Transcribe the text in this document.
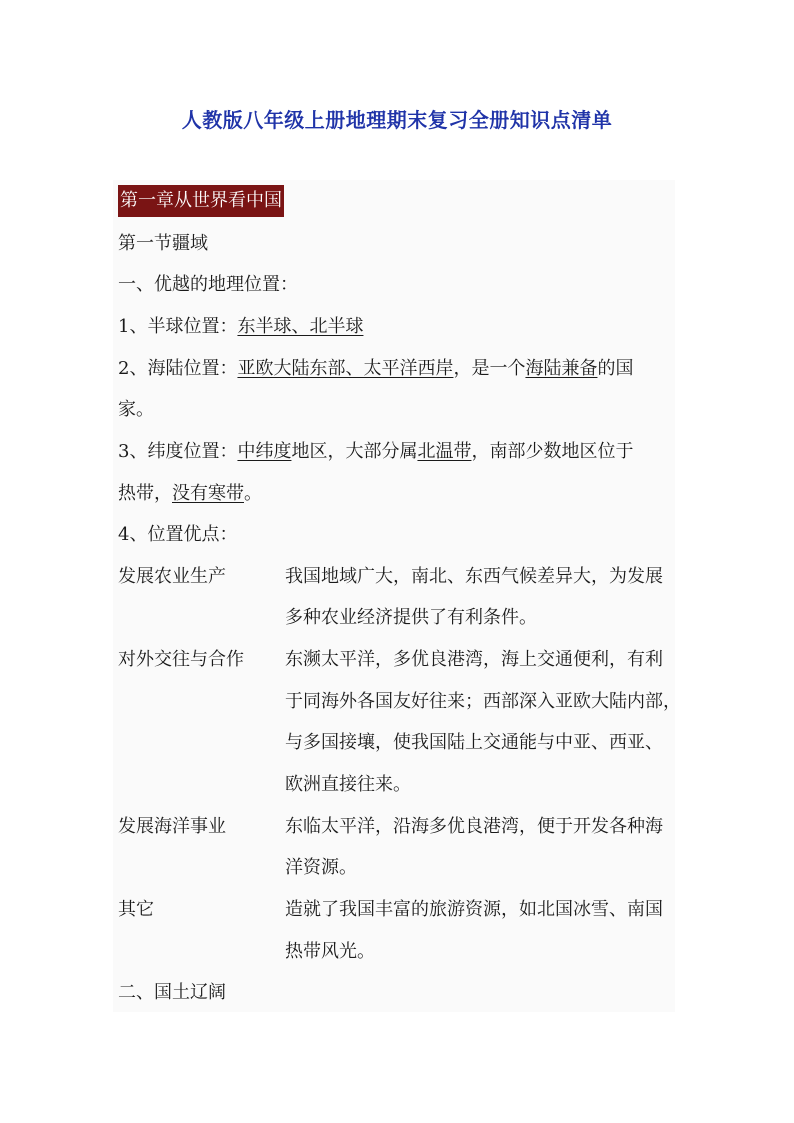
人教版八年级上册地理期末复习全册知识点清单
第一章从世界看中国
第一节疆域
一、优越的地理位置：
1、半球位置：东半球、北半球
2、海陆位置：亚欧大陆东部、太平洋西岸，是一个海陆兼备的国
家。
3、纬度位置：中纬度地区，大部分属北温带，南部少数地区位于
热带，没有寒带。
4、位置优点：
发展农业生产	我国地域广大，南北、东西气候差异大，为发展
多种农业经济提供了有利条件。
对外交往与合作 东濒太平洋，多优良港湾，海上交通便利，有利
于同海外各国友好往来；西部深入亚欧大陆内部，
与多国接壤，使我国陆上交通能与中亚、西亚、
欧洲直接往来。
发展海洋事业	东临太平洋，沿海多优良港湾，便于开发各种海
洋资源。
其它	造就了我国丰富的旅游资源，如北国冰雪、南国
热带风光。
二、国土辽阔
